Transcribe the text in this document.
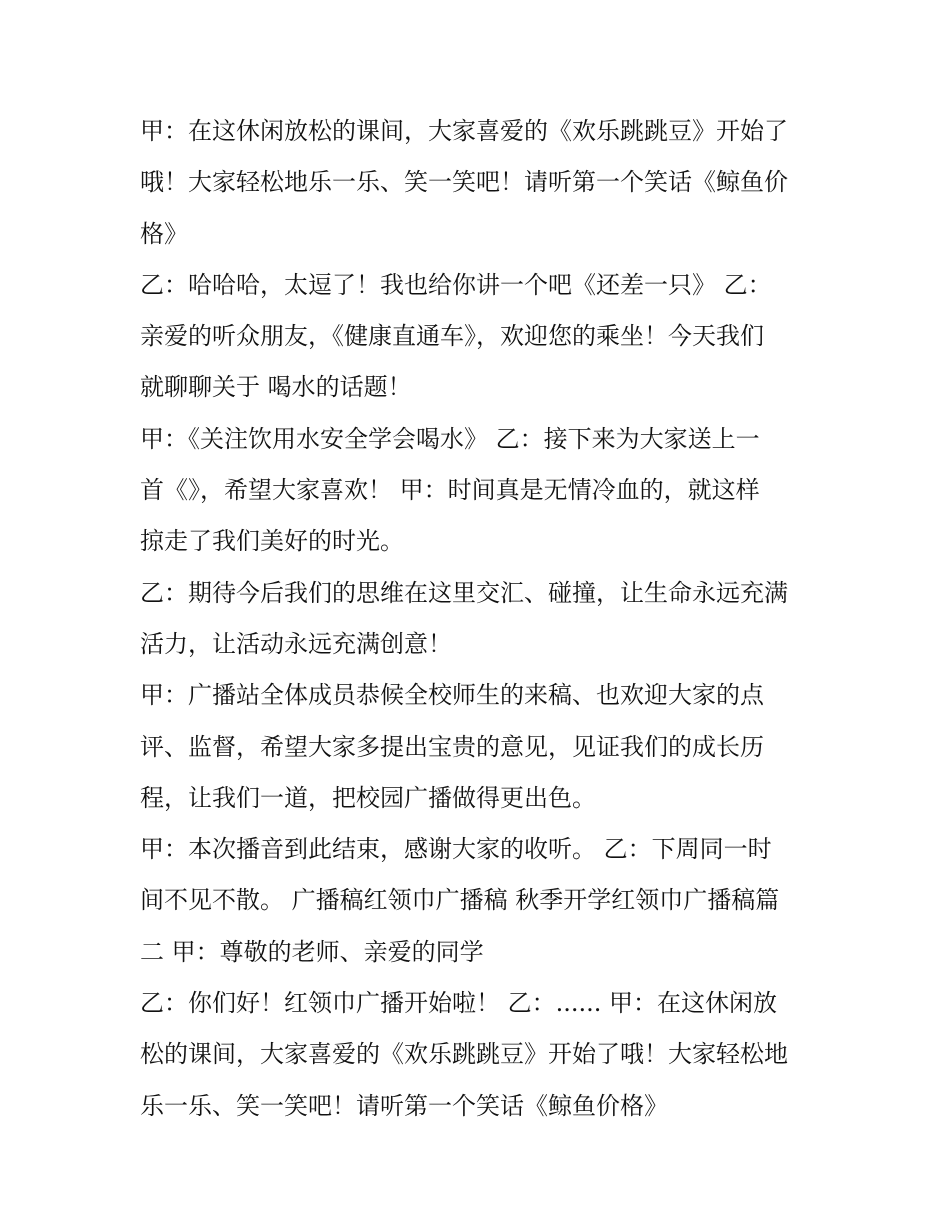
甲：在这休闲放松的课间，大家喜爱的《欢乐跳跳豆》开始了
哦！大家轻松地乐一乐、笑一笑吧！请听第一个笑话《鲸鱼价
格》
乙：哈哈哈，太逗了！我也给你讲一个吧《还差一只》 乙：
亲爱的听众朋友，《健康直通车》，欢迎您的乘坐！今天我们
就聊聊关于 喝水的话题！
甲：《关注饮用水安全学会喝水》 乙：接下来为大家送上一
首《》，希望大家喜欢！ 甲：时间真是无情冷血的，就这样
掠走了我们美好的时光。
乙：期待今后我们的思维在这里交汇、碰撞，让生命永远充满
活力，让活动永远充满创意！
甲：广播站全体成员恭候全校师生的来稿、也欢迎大家的点
评、监督，希望大家多提出宝贵的意见，见证我们的成长历
程，让我们一道，把校园广播做得更出色。
甲：本次播音到此结束，感谢大家的收听。 乙：下周同一时
间不见不散。 广播稿红领巾广播稿 秋季开学红领巾广播稿篇
二 甲：尊敬的老师、亲爱的同学
乙：你们好！红领巾广播开始啦！ 乙：...... 甲：在这休闲放
松的课间，大家喜爱的《欢乐跳跳豆》开始了哦！大家轻松地
乐一乐、笑一笑吧！请听第一个笑话《鲸鱼价格》
